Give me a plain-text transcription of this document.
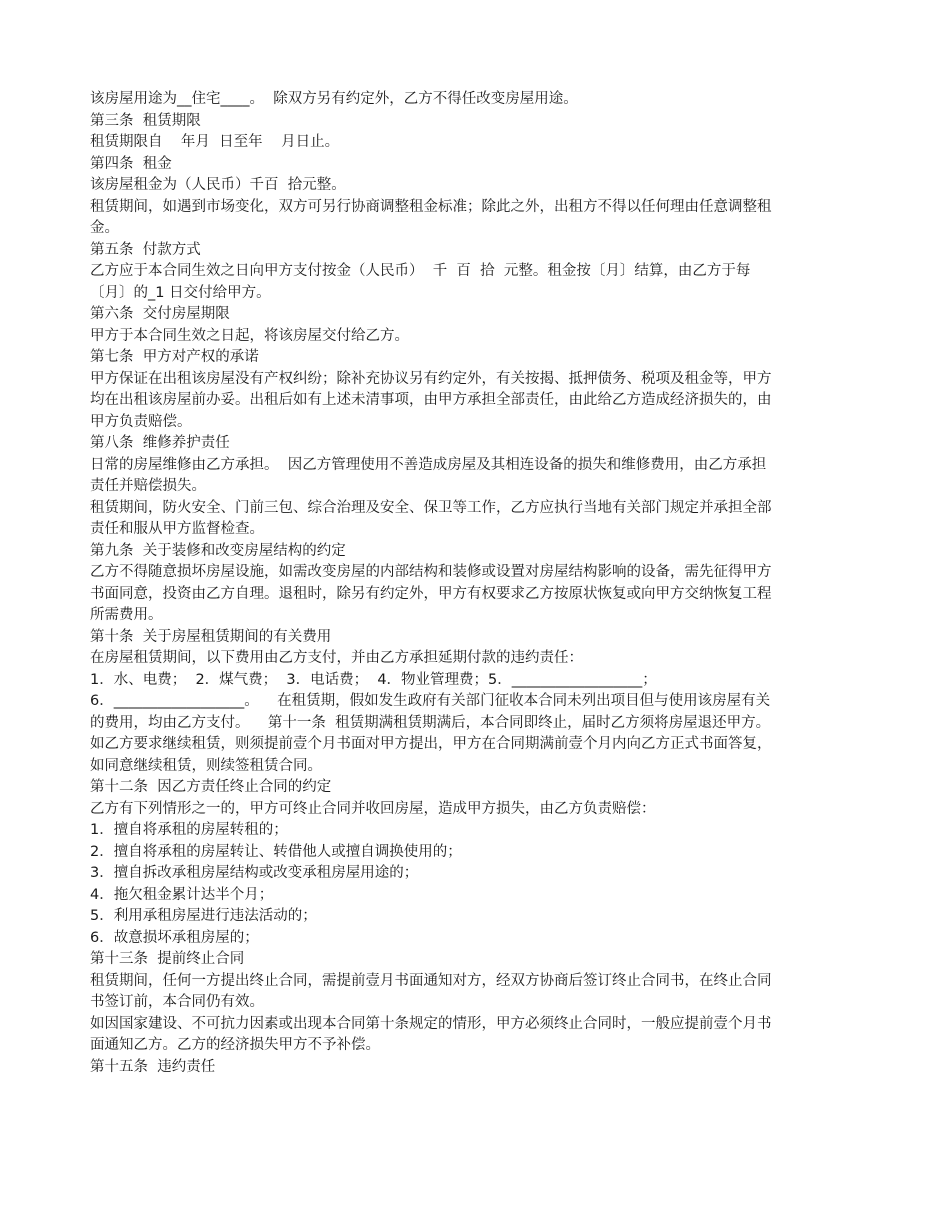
该房屋用途为__住宅____。  除双方另有约定外，乙方不得任改变房屋用途。
第三条  租赁期限
租赁期限自    年月  日至年    月日止。
第四条  租金
该房屋租金为（人民币）千百  拾元整。
租赁期间，如遇到市场变化，双方可另行协商调整租金标准；除此之外，出租方不得以任何理由任意调整租
金。
第五条  付款方式
乙方应于本合同生效之日向甲方支付按金（人民币）  千  百  拾  元整。租金按〔月〕结算，由乙方于每
〔月〕的_1 日交付给甲方。
第六条  交付房屋期限
甲方于本合同生效之日起，将该房屋交付给乙方。
第七条  甲方对产权的承诺
甲方保证在出租该房屋没有产权纠纷；除补充协议另有约定外，有关按揭、抵押债务、税项及租金等，甲方
均在出租该房屋前办妥。出租后如有上述未清事项，由甲方承担全部责任，由此给乙方造成经济损失的，由
甲方负责赔偿。
第八条  维修养护责任
日常的房屋维修由乙方承担。  因乙方管理使用不善造成房屋及其相连设备的损失和维修费用，由乙方承担
责任并赔偿损失。
租赁期间，防火安全、门前三包、综合治理及安全、保卫等工作，乙方应执行当地有关部门规定并承担全部
责任和服从甲方监督检查。
第九条  关于装修和改变房屋结构的约定
乙方不得随意损坏房屋设施，如需改变房屋的内部结构和装修或设置对房屋结构影响的设备，需先征得甲方
书面同意，投资由乙方自理。退租时，除另有约定外，甲方有权要求乙方按原状恢复或向甲方交纳恢复工程
所需费用。
第十条  关于房屋租赁期间的有关费用
在房屋租赁期间，以下费用由乙方支付，并由乙方承担延期付款的违约责任：
1．水、电费；  2．煤气费；  3．电话费；  4．物业管理费；5．__________________；
6．__________________。    在租赁期，假如发生政府有关部门征收本合同未列出项目但与使用该房屋有关
的费用，均由乙方支付。    第十一条  租赁期满租赁期满后，本合同即终止，届时乙方须将房屋退还甲方。
如乙方要求继续租赁，则须提前壹个月书面对甲方提出，甲方在合同期满前壹个月内向乙方正式书面答复，
如同意继续租赁，则续签租赁合同。
第十二条  因乙方责任终止合同的约定
乙方有下列情形之一的，甲方可终止合同并收回房屋，造成甲方损失，由乙方负责赔偿：
1．擅自将承租的房屋转租的；
2．擅自将承租的房屋转让、转借他人或擅自调换使用的；
3．擅自拆改承租房屋结构或改变承租房屋用途的；
4．拖欠租金累计达半个月；
5．利用承租房屋进行违法活动的；
6．故意损坏承租房屋的；
第十三条  提前终止合同
租赁期间，任何一方提出终止合同，需提前壹月书面通知对方，经双方协商后签订终止合同书，在终止合同
书签订前，本合同仍有效。
如因国家建设、不可抗力因素或出现本合同第十条规定的情形，甲方必须终止合同时，一般应提前壹个月书
面通知乙方。乙方的经济损失甲方不予补偿。
第十五条  违约责任
